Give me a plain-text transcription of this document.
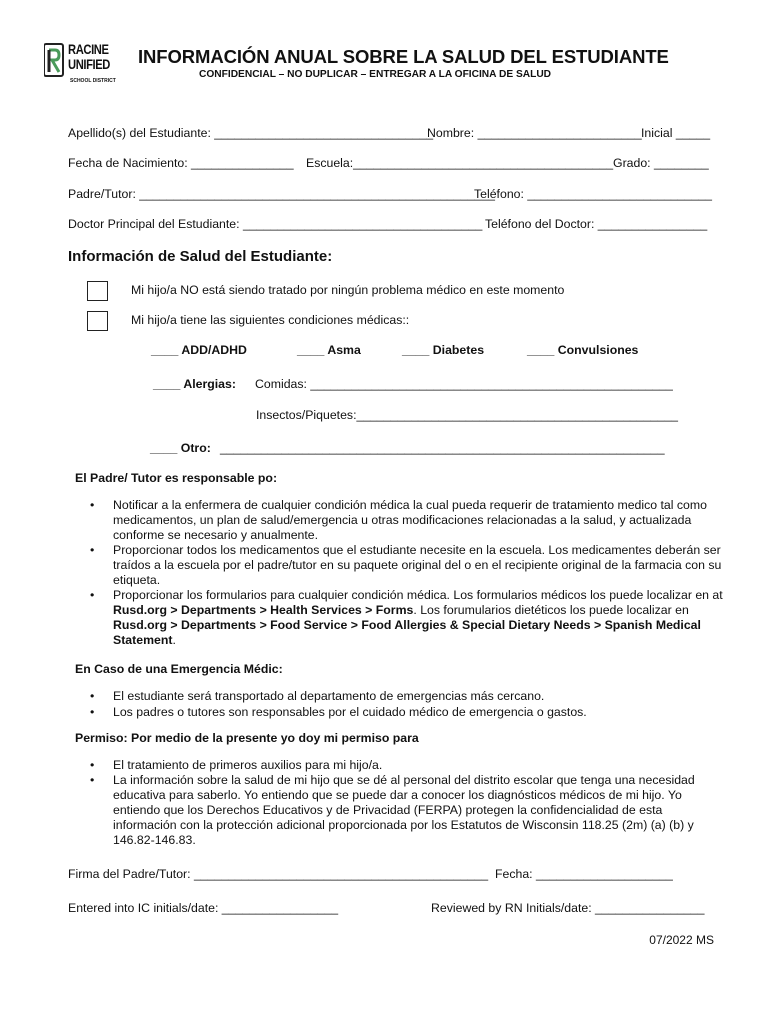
RACINE
UNIFIED
SCHOOL DISTRICT
INFORMACIÓN ANUAL SOBRE LA SALUD DEL ESTUDIANTE
CONFIDENCIAL – NO DUPLICAR – ENTREGAR A LA OFICINA DE SALUD
Apellido(s) del Estudiante: ________________________________
Nombre: ________________________ Inicial _____
Fecha de Nacimiento: _______________ Escuela:______________________________________ Grado: ________
Padre/Tutor: ____________________________________________________
Teléfono: ___________________________
Doctor Principal del Estudiante: ___________________________________ Teléfono del Doctor: ________________
Información de Salud del Estudiante:
Mi hijo/a NO está siendo tratado por ningún problema médico en este momento
Mi hijo/a tiene las siguientes condiciones médicas::
____ ADD/ADHD	____ Asma	____ Diabetes	____ Convulsiones
____ Alergias: Comidas: _____________________________________________________
Insectos/Piquetes:_______________________________________________
____ Otro: _________________________________________________________________
El Padre/ Tutor es responsable po:
• Notificar a la enfermera de cualquier condición médica la cual pueda requerir de tratamiento medico tal como medicamentos, un plan de salud/emergencia u otras modificaciones relacionadas a la salud, y actualizada conforme se necesario y anualmente.
• Proporcionar todos los medicamentos que el estudiante necesite en la escuela. Los medicamentes deberán ser traídos a la escuela por el padre/tutor en su paquete original del o en el recipiente original de la farmacia con su etiqueta.
• Proporcionar los formularios para cualquier condición médica. Los formularios médicos los puede localizar en at Rusd.org > Departments > Health Services > Forms. Los forumularios dietéticos los puede localizar en Rusd.org > Departments > Food Service > Food Allergies & Special Dietary Needs > Spanish Medical Statement.
En Caso de una Emergencia Médic:
• El estudiante será transportado al departamento de emergencias más cercano.
• Los padres o tutores son responsables por el cuidado médico de emergencia o gastos.
Permiso: Por medio de la presente yo doy mi permiso para
• El tratamiento de primeros auxilios para mi hijo/a.
• La información sobre la salud de mi hijo que se dé al personal del distrito escolar que tenga una necesidad educativa para saberlo. Yo entiendo que se puede dar a conocer los diagnósticos médicos de mi hijo. Yo entiendo que los Derechos Educativos y de Privacidad (FERPA) protegen la confidencialidad de esta información con la protección adicional proporcionada por los Estatutos de Wisconsin 118.25 (2m) (a) (b) y 146.82-146.83.
Firma del Padre/Tutor: ___________________________________________ Fecha: ____________________
Entered into IC initials/date: _________________	Reviewed by RN Initials/date: ________________
07/2022 MS
